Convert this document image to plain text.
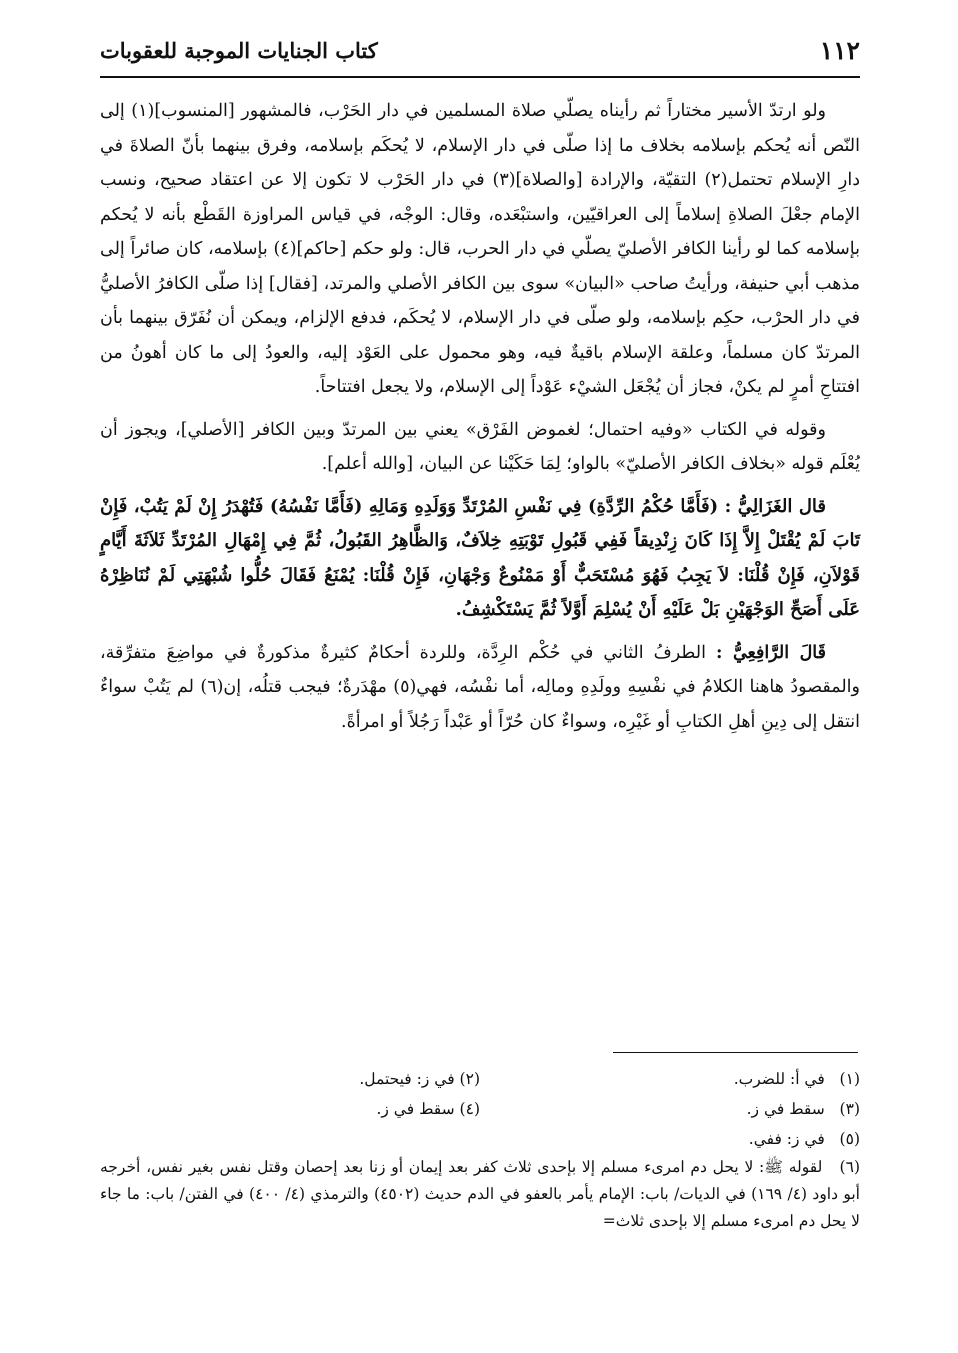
١١٢
كتاب الجنايات الموجبة للعقوبات

ولو ارتدّ الأسير مختاراً ثم رأيناه يصلّي صلاة المسلمين في دار الحَرْب، فالمشهور [المنسوب](١) إلى النّص أنه يُحكم بإسلامه بخلاف ما إذا صلّى في دار الإسلام، لا يُحكَم بإسلامه، وفرق بينهما بأنّ الصلاةَ في دارِ الإسلام تحتمل(٢) التقيّة، والإرادة [والصلاة](٣) في دار الحَرْب لا تكون إلا عن اعتقاد صحيح، ونسب الإمام جعْلَ الصلاةِ إسلاماً إلى العراقيّين، واستبْعَده، وقال: الوجْه، في قياس المراوزة القَطْع بأنه لا يُحكم بإسلامه كما لو رأينا الكافر الأصليّ يصلّي في دار الحرب، قال: ولو حكم [حاكم](٤) بإسلامه، كان صائراً إلى مذهب أبي حنيفة، ورأيتُ صاحب «البيان» سوى بين الكافر الأصلي والمرتد، [فقال] إذا صلّى الكافرُ الأصليُّ في دار الحرْب، حكِم بإسلامه، ولو صلّى في دار الإسلام، لا يُحكَم، فدفع الإلزام، ويمكن أن نُفَرّق بينهما بأن المرتدّ كان مسلماً، وعلقة الإسلام باقيةٌ فيه، وهو محمول على العَوْد إليه، والعودُ إلى ما كان أهونُ من افتتاحِ أمرٍ لم يكنْ، فجاز أن يُجْعَل الشيْء عَوْداً إلى الإسلام، ولا يجعل افتتاحاً.

وقوله في الكتاب «وفيه احتمال؛ لغموض الفَرْق» يعني بين المرتدّ وبين الكافر [الأصلي]، ويجوز أن يُعْلَم قوله «بخلاف الكافر الأصليّ» بالواو؛ لِمَا حَكَيْنا عن البيان، [والله أعلم].

قال الغَزَالِيُّ : (فَأَمَّا حُكْمُ الرِّدَّةِ) فِي نَفْسِ المُرْتَدِّ وَوَلَدِهِ وَمَالِهِ (فَأَمَّا نَفْسُهُ) فَتُهْدَرُ إِنْ لَمْ يَتُبْ، فَإِنْ تَابَ لَمْ يُقْتَلْ إِلاَّ إِذَا كَانَ زِنْدِيقاً فَفِي قَبُولِ تَوْبَتِهِ خِلاَفٌ، وَالظَّاهِرُ القَبُولُ، ثُمَّ فِي إِمْهَالِ المُرْتَدِّ ثَلاَثَةَ أَيَّامٍ قَوْلاَنِ، فَإِنْ قُلْنَا: لاَ يَجِبُ فَهُوَ مُسْتَحَبٌّ أَوْ مَمْنُوعٌ وَجْهَانِ، فَإِنْ قُلْنَا: يُمْنَعُ فَقَالَ حُلُّوا شُبْهَتِي لَمْ نُنَاظِرْهُ عَلَى أَصَحِّ الوَجْهَيْنِ بَلْ عَلَيْهِ أَنْ يُسْلِمَ أَوَّلاً ثُمَّ يَسْتَكْشِفُ.

قَالَ الرَّافِعِيُّ : الطرفُ الثاني في حُكْم الرِدَّة، وللردة أحكامٌ كثيرةٌ مذكورةٌ في مواضِعَ متفرِّقة، والمقصودُ هاهنا الكلامُ في نفْسِهِ وولَدِهِ ومالِه، أما نفْسُه، فهي(٥) مهْدَرةٌ؛ فيجب قتلُه، إن(٦) لم يَتُبْ سواءٌ انتقل إلى دِينِ أهلِ الكتابِ أو غَيْرِه، وسواءٌ كان حُرّاً أو عَبْداً رَجُلاً أو امرأةً.

(١)   في أ: للضرب.
(٢) في ز: فيحتمل.
(٣)   سقط في ز.
(٤) سقط في ز.
(٥)   في ز: ففي.

(٦)   لقوله ﷺ: لا يحل دم امرىء مسلم إلا بإحدى ثلاث كفر بعد إيمان أو زنا بعد إحصان وقتل نفس بغير نفس، أخرجه أبو داود (٤/ ١٦٩) في الديات/ باب: الإمام يأمر بالعفو في الدم حديث (٤٥٠٢) والترمذي (٤/ ٤٠٠) في الفتن/ باب: ما جاء لا يحل دم امرىء مسلم إلا بإحدى ثلاث=
